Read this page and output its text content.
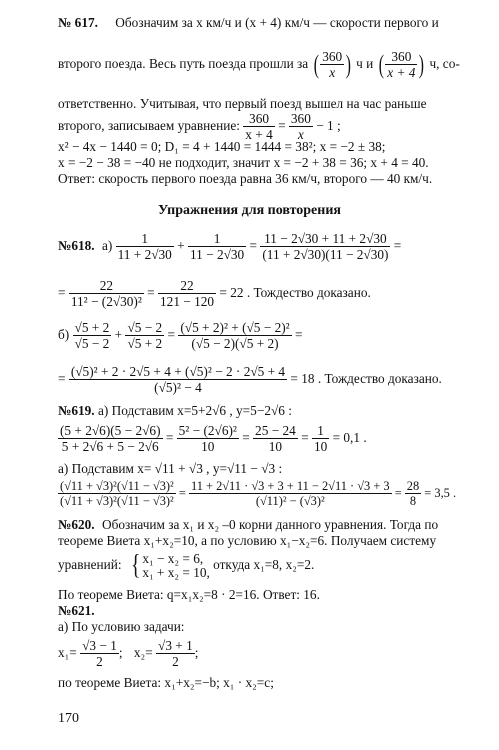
№ 617. Обозначим за x км/ч и (x + 4) км/ч — скорости первого и
второго поезда. Весь путь поезда прошли за ( $\frac{360}{x}$ ) ч и ( $\frac{360}{x + 4}$ ) ч, со-
ответственно. Учитывая, что первый поезд вышел на час раньше
второго, записываем уравнение: $\frac{360}{x + 4} = \frac{360}{x} - 1$ ;
x² − 4x − 1440 = 0; D₁ = 4 + 1440 = 1444 = 38²; x = −2 ± 38;
x = −2 − 38 = −40 не подходит, значит x = −2 + 38 = 36; x + 4 = 40.
Ответ: скорость первого поезда равна 36 км/ч, второго — 40 км/ч.
Упражнения для повторения
№618. $а) \frac{1}{11 + 2√30} + \frac{1}{11 - 2√30} = \frac{11 - 2√30 + 11 + 2√30}{(11 + 2√30)(11 - 2√30)}$ =
= $\frac{22}{\text{11² − (2√30)²}} = \frac{22}{121 - 120} = 22$ . Тождество доказано.
$б) \frac{√5 + 2}{√5 - 2} + \frac{√5 - 2}{√5 + 2} = \frac{\text{(√5 + 2)² + (√5 − 2)²}}{(√5 - 2)(√5 + 2)}$ =
= $\frac{\text{(√5)² + 2 · 2√5 + 4 + (√5)² − 2 · 2√5 + 4}}{\text{(√5)² − 4}} = 18$ . Тождество доказано.
№619. а) Подставим x=5+2√6 , y=5−2√6 :
$\frac{(5 + 2√6)(5 - 2√6)}{5 + 2√6 + 5 - 2√6} = \frac{\text{5² − (2√6)²}}{10} = \frac{25 - 24}{10} = \frac{1}{10} = 0,1$ .
а) Подставим x= √11 + √3 , y=√11 − √3 :
$\frac{\text{(√11 + √3)²(√11 − √3)²}}{\text{(√11 + √3)²(√11 − √3)²}} = \frac{11 + 2√11 \cdot √3 + 3 + 11 - 2√11 \cdot √3 + 3}{\text{(√11)² − (√3)²}} = \frac{28}{8} = 3,5$ .
№620. Обозначим за x₁ и x₂ –0 корни данного уравнения. Тогда по
теореме Виета x₁+x₂=10, а по условию x₁−x₂=6. Получаем систему
уравнений: { x₁ − x₂ = 6,
x₁ + x₂ = 10,
откуда x₁=8, x₂=2.
По теореме Виета: q=x₁x₂=8 · 2=16. Ответ: 16.
№621.
а) По условию задачи:
$x_1= \frac{√3 - 1}{2}$ ; $x_2= \frac{√3 + 1}{2}$ ;
по теореме Виета: x₁+x₂=−b; x₁ · x₂=c;
170
